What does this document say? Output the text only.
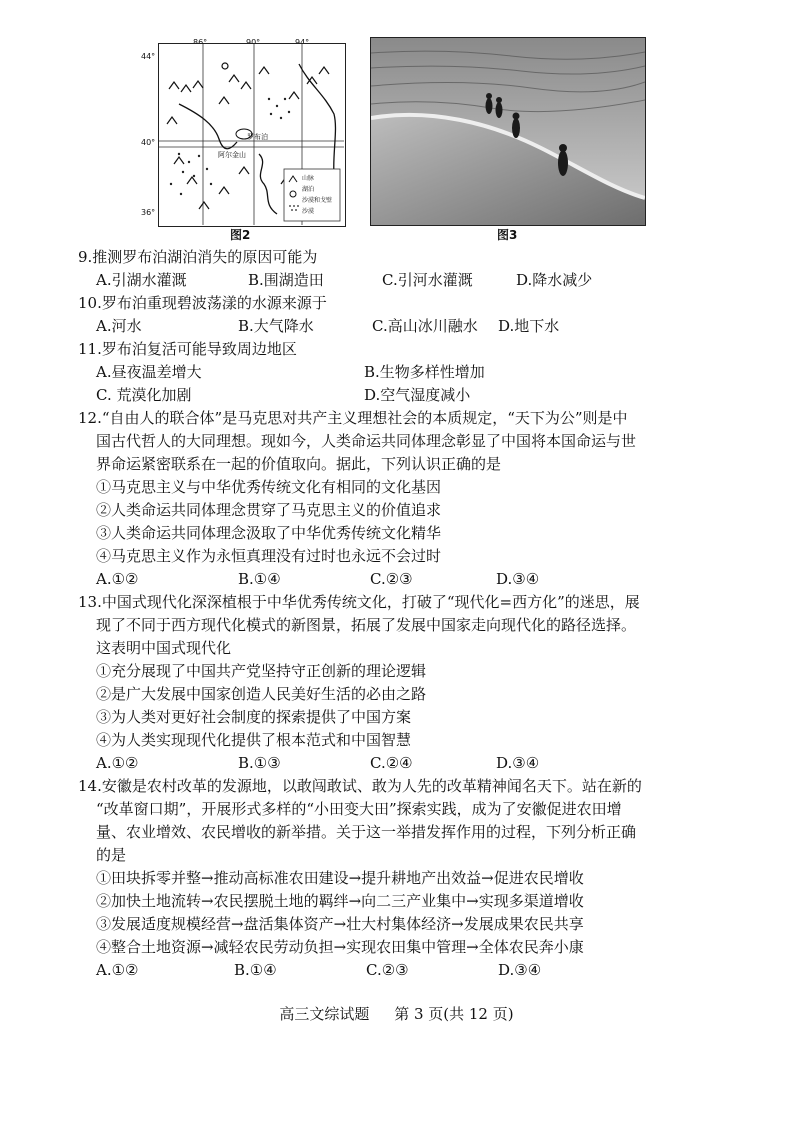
44°
40°
36°
罗布泊
阿尔金山
山脉
湖泊
沙漠和戈壁
沙漠
图2	图3
9.推测罗布泊湖泊消失的原因可能为
A.引湖水灌溉	B.围湖造田	C.引河水灌溉	D.降水减少
10.罗布泊重现碧波荡漾的水源来源于
A.河水	B.大气降水	C.高山冰川融水	D.地下水
11.罗布泊复活可能导致周边地区
A.昼夜温差增大	B.生物多样性增加
C. 荒漠化加剧	D.空气湿度减小
12.“自由人的联合体”是马克思对共产主义理想社会的本质规定，“天下为公”则是中
国古代哲人的大同理想。现如今，人类命运共同体理念彰显了中国将本国命运与世
界命运紧密联系在一起的价值取向。据此，下列认识正确的是
①马克思主义与中华优秀传统文化有相同的文化基因
②人类命运共同体理念贯穿了马克思主义的价值追求
③人类命运共同体理念汲取了中华优秀传统文化精华
④马克思主义作为永恒真理没有过时也永远不会过时
A.①②	B.①④	C.②③	D.③④
13.中国式现代化深深植根于中华优秀传统文化，打破了“现代化=西方化”的迷思，展
现了不同于西方现代化模式的新图景，拓展了发展中国家走向现代化的路径选择。
这表明中国式现代化
①充分展现了中国共产党坚持守正创新的理论逻辑
②是广大发展中国家创造人民美好生活的必由之路
③为人类对更好社会制度的探索提供了中国方案
④为人类实现现代化提供了根本范式和中国智慧
A.①②	B.①③	C.②④	D.③④
14.安徽是农村改革的发源地，以敢闯敢试、敢为人先的改革精神闻名天下。站在新的
“改革窗口期”，开展形式多样的“小田变大田”探索实践，成为了安徽促进农田增
量、农业增效、农民增收的新举措。关于这一举措发挥作用的过程，下列分析正确
的是
①田块拆零并整→推动高标准农田建设→提升耕地产出效益→促进农民增收
②加快土地流转→农民摆脱土地的羁绊→向二三产业集中→实现多渠道增收
③发展适度规模经营→盘活集体资产→壮大村集体经济→发展成果农民共享
④整合土地资源→减轻农民劳动负担→实现农田集中管理→全体农民奔小康
A.①②	B.①④	C.②③	D.③④
高三文综试题 第 3 页(共 12 页)
